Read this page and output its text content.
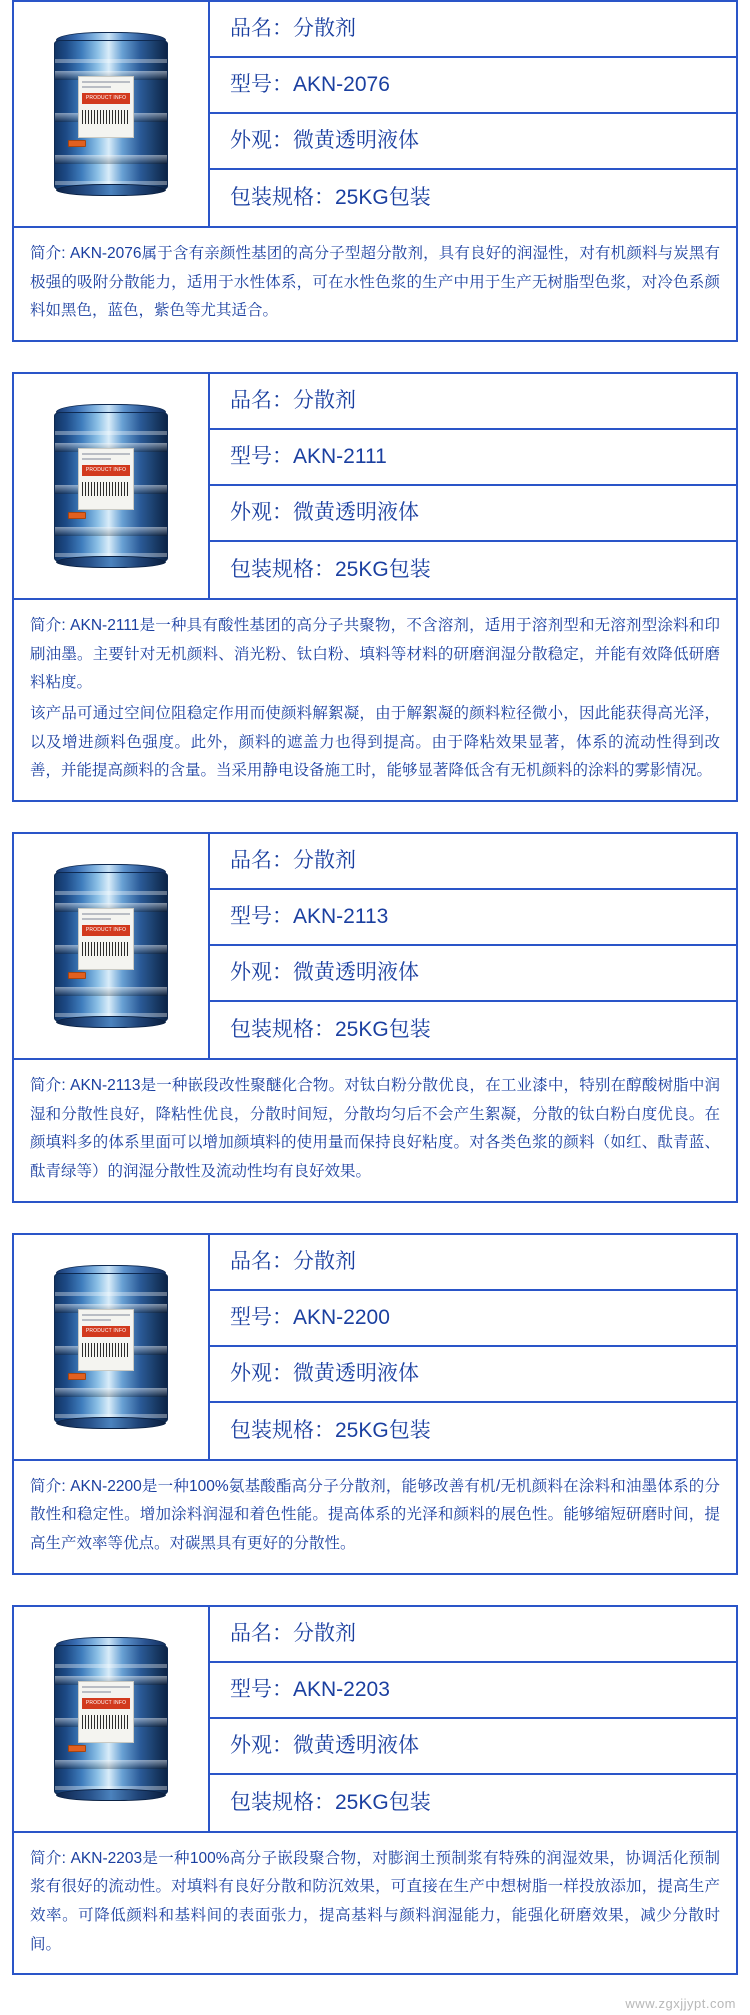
PRODUCT INFO
品名： 分散剂
型号： AKN-2076
外观： 微黄透明液体
包装规格： 25KG包装

简介: AKN-2076属于含有亲颜性基团的高分子型超分散剂，具有良好的润湿性，对有机颜料与炭黑有极强的吸附分散能力，适用于水性体系，可在水性色浆的生产中用于生产无树脂型色浆，对冷色系颜料如黑色，蓝色，紫色等尤其适合。

PRODUCT INFO
品名： 分散剂
型号： AKN-2111
外观： 微黄透明液体
包装规格： 25KG包装

简介: AKN-2111是一种具有酸性基团的高分子共聚物，不含溶剂，适用于溶剂型和无溶剂型涂料和印刷油墨。主要针对无机颜料、消光粉、钛白粉、填料等材料的研磨润湿分散稳定，并能有效降低研磨料粘度。

该产品可通过空间位阻稳定作用而使颜料解絮凝，由于解絮凝的颜料粒径微小，因此能获得高光泽，以及增进颜料色强度。此外，颜料的遮盖力也得到提高。由于降粘效果显著，体系的流动性得到改善，并能提高颜料的含量。当采用静电设备施工时，能够显著降低含有无机颜料的涂料的雾影情况。

PRODUCT INFO
品名： 分散剂
型号： AKN-2113
外观： 微黄透明液体
包装规格： 25KG包装

简介: AKN-2113是一种嵌段改性聚醚化合物。对钛白粉分散优良，在工业漆中，特别在醇酸树脂中润湿和分散性良好，降粘性优良，分散时间短，分散均匀后不会产生絮凝，分散的钛白粉白度优良。在颜填料多的体系里面可以增加颜填料的使用量而保持良好粘度。对各类色浆的颜料（如红、酞青蓝、酞青绿等）的润湿分散性及流动性均有良好效果。

PRODUCT INFO
品名： 分散剂
型号： AKN-2200
外观： 微黄透明液体
包装规格： 25KG包装

简介: AKN-2200是一种100%氨基酸酯高分子分散剂，能够改善有机/无机颜料在涂料和油墨体系的分散性和稳定性。增加涂料润湿和着色性能。提高体系的光泽和颜料的展色性。能够缩短研磨时间，提高生产效率等优点。对碳黑具有更好的分散性。

PRODUCT INFO
品名： 分散剂
型号： AKN-2203
外观： 微黄透明液体
包装规格： 25KG包装

简介: AKN-2203是一种100%高分子嵌段聚合物，对膨润土预制浆有特殊的润湿效果，协调活化预制浆有很好的流动性。对填料有良好分散和防沉效果，可直接在生产中想树脂一样投放添加，提高生产效率。可降低颜料和基料间的表面张力，提高基料与颜料润湿能力，能强化研磨效果，减少分散时间。

www.zgxjjypt.com
